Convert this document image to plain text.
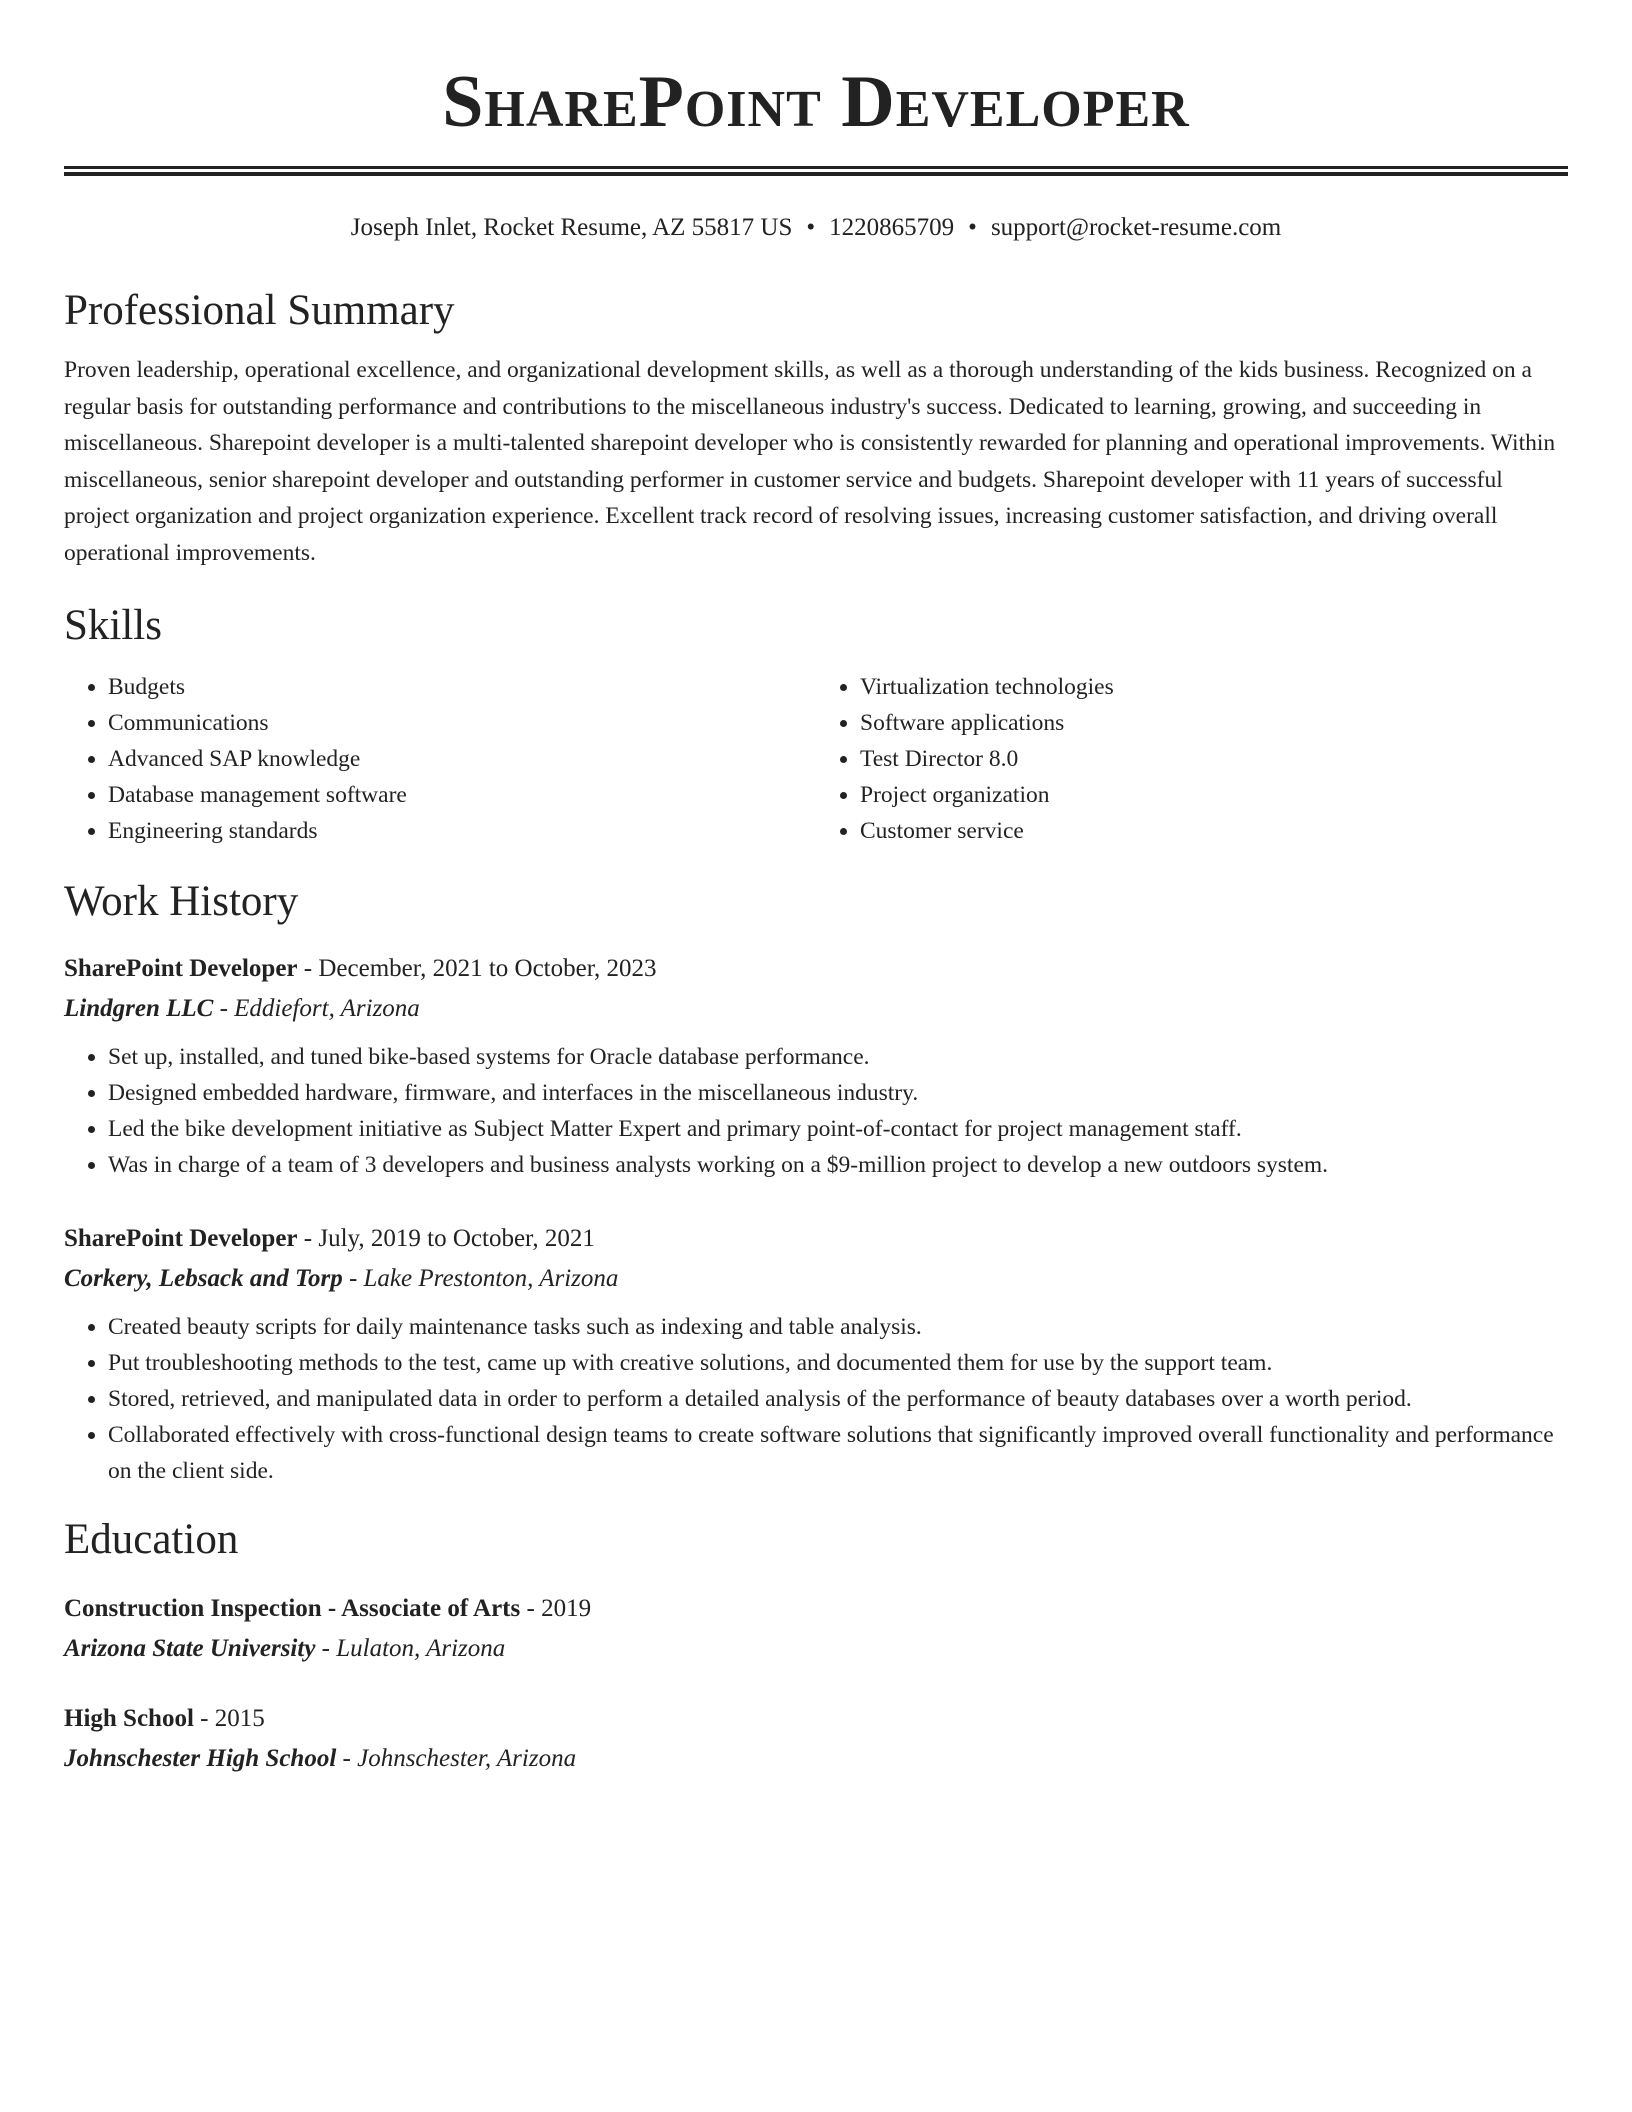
SharePoint Developer
Joseph Inlet, Rocket Resume, AZ 55817 US • 1220865709 • support@rocket-resume.com
Professional Summary

Proven leadership, operational excellence, and organizational development skills, as well as a thorough understanding of the kids business. Recognized on a regular basis for outstanding performance and contributions to the miscellaneous industry's success. Dedicated to learning, growing, and succeeding in miscellaneous. Sharepoint developer is a multi-talented sharepoint developer who is consistently rewarded for planning and operational improvements. Within miscellaneous, senior sharepoint developer and outstanding performer in customer service and budgets. Sharepoint developer with 11 years of successful project organization and project organization experience. Excellent track record of resolving issues, increasing customer satisfaction, and driving overall operational improvements.

Skills
• Budgets
• Communications
• Advanced SAP knowledge
• Database management software
• Engineering standards
• Virtualization technologies
• Software applications
• Test Director 8.0
• Project organization
• Customer service
Work History

SharePoint Developer - December, 2021 to October, 2023

Lindgren LLC - Eddiefort, Arizona

• Set up, installed, and tuned bike-based systems for Oracle database performance.
• Designed embedded hardware, firmware, and interfaces in the miscellaneous industry.
• Led the bike development initiative as Subject Matter Expert and primary point-of-contact for project management staff.
• Was in charge of a team of 3 developers and business analysts working on a $9-million project to develop a new outdoors system.

SharePoint Developer - July, 2019 to October, 2021

Corkery, Lebsack and Torp - Lake Prestonton, Arizona

• Created beauty scripts for daily maintenance tasks such as indexing and table analysis.
• Put troubleshooting methods to the test, came up with creative solutions, and documented them for use by the support team.
• Stored, retrieved, and manipulated data in order to perform a detailed analysis of the performance of beauty databases over a worth period.
• Collaborated effectively with cross-functional design teams to create software solutions that significantly improved overall functionality and performance on the client side.
Education

Construction Inspection - Associate of Arts - 2019

Arizona State University - Lulaton, Arizona

High School - 2015

Johnschester High School - Johnschester, Arizona
